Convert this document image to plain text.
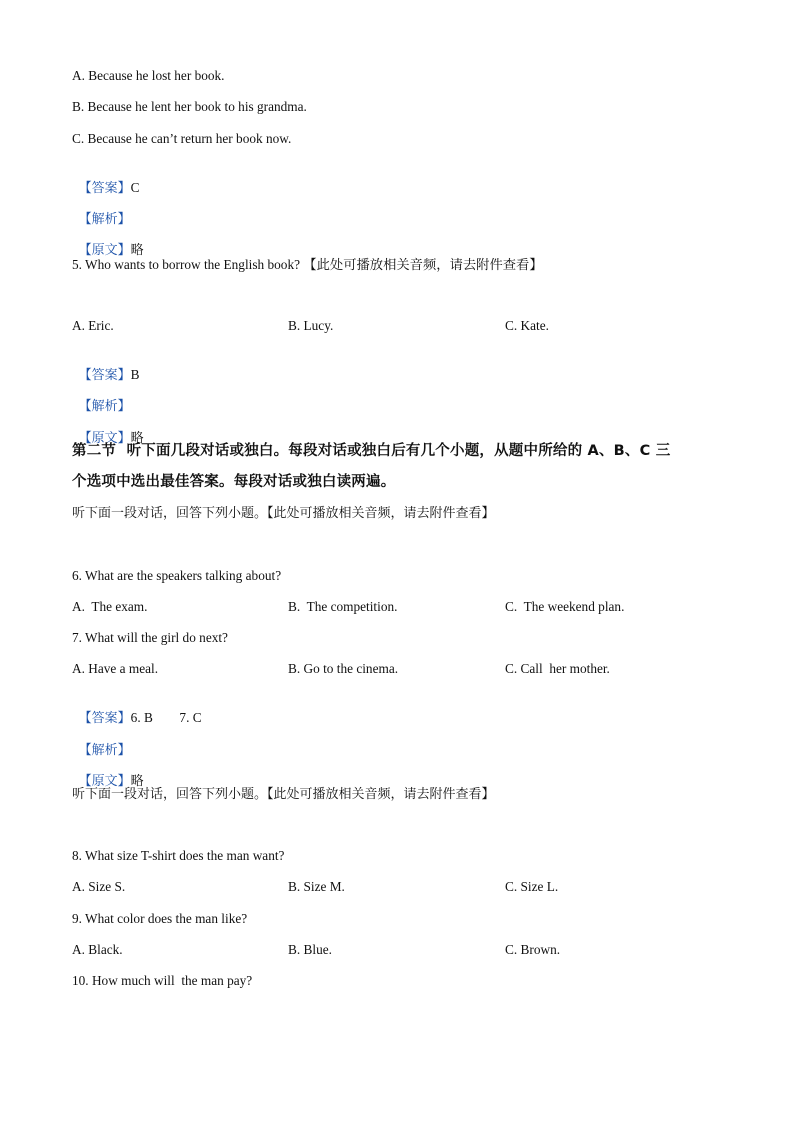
A. Because he lost her book.
B. Because he lent her book to his grandma.
C. Because he can’t return her book now.

【答案】C

【解析】

【原文】略

5. Who wants to borrow the English book? 【此处可播放相关音频，请去附件查看】
A. Eric.	B. Lucy.	C. Kate.

【答案】B

【解析】

【原文】略

第二节  听下面几段对话或独白。每段对话或独白后有几个小题，从题中所给的 A、B、C 三
个选项中选出最佳答案。每段对话或独白读两遍。
听下面一段对话，回答下列小题。【此处可播放相关音频，请去附件查看】
6. What are the speakers talking about?
A.  The exam.	B.  The competition.	C.  The weekend plan.
7. What will the girl do next?
A. Have a meal.	B. Go to the cinema.	C. Call  her mother.

【答案】6. B        7. C

【解析】

【原文】略

听下面一段对话，回答下列小题。【此处可播放相关音频，请去附件查看】
8. What size T-shirt does the man want?
A. Size S.	B. Size M.	C. Size L.
9. What color does the man like?
A. Black.	B. Blue.	C. Brown.
10. How much will  the man pay?
